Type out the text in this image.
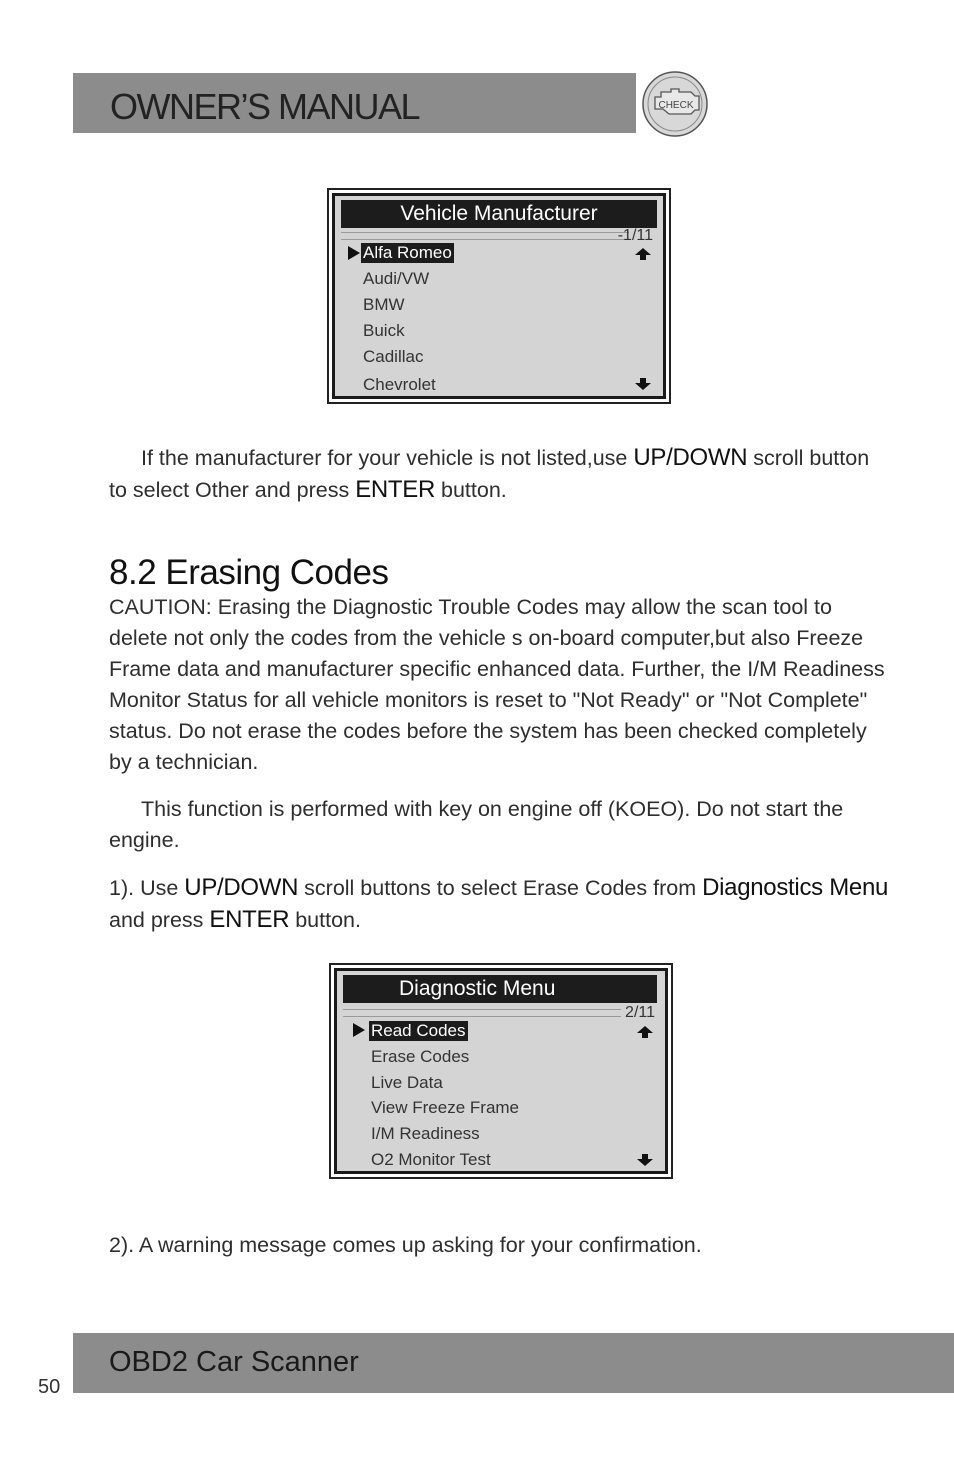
OWNER’S MANUAL	CHECK
Vehicle Manufacturer
-1/11
Alfa Romeo
Audi/VW
BMW
Buick
Cadillac
Chevrolet
If the manufacturer for your vehicle is not listed,use UP/DOWN scroll button to select Other and press ENTER button.
8.2 Erasing Codes
CAUTION: Erasing the Diagnostic Trouble Codes may allow the scan tool to delete not only the codes from the vehicle s on-board computer,but also Freeze Frame data and manufacturer specific enhanced data. Further, the I/M Readiness Monitor Status for all vehicle monitors is reset to "Not Ready" or "Not Complete" status. Do not erase the codes before the system has been checked completely by a technician.
This function is performed with key on engine off (KOEO). Do not start the engine.
1). Use UP/DOWN scroll buttons to select Erase Codes from Diagnostics Menu and press ENTER button.
Diagnostic Menu
2/11
Read Codes
Erase Codes
Live Data
View Freeze Frame
I/M Readiness
O2 Monitor Test
2). A warning message comes up asking for your confirmation.
OBD2 Car Scanner
50
